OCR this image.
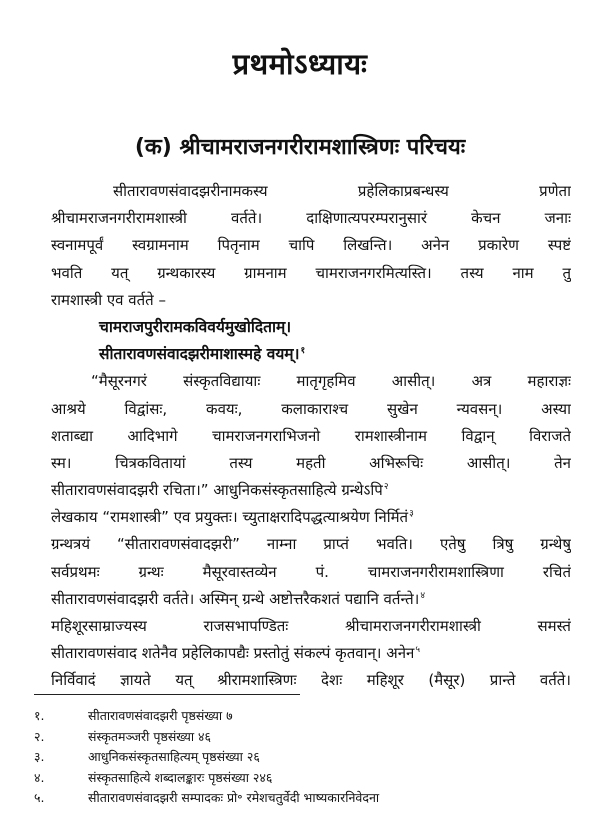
प्रथमोऽध्यायः
(क) श्रीचामराजनगरीरामशास्त्रिणः परिचयः
सीतारावणसंवादझरीनामकस्य प्रहेलिकाप्रबन्धस्य प्रणेता
श्रीचामराजनगरीरामशास्त्री वर्तते। दाक्षिणात्यपरम्परानुसारं केचन जनाः
स्वनामपूर्वं स्वग्रामनाम पितृनाम चापि लिखन्ति। अनेन प्रकारेण स्पष्टं
भवति यत् ग्रन्थकारस्य ग्रामनाम चामराजनगरमित्यस्ति। तस्य नाम तु
रामशास्त्री एव वर्तते –
चामराजपुरीरामकविवर्यमुखोदिताम्।
सीतारावणसंवादझरीमाशास्महे वयम्।$^१$
“मैसूरनगरं संस्कृतविद्यायाः मातृगृहमिव आसीत्। अत्र महाराज्ञः
आश्रये विद्वांसः, कवयः, कलाकाराश्च सुखेन न्यवसन्। अस्या
शताब्द्या आदिभागे चामराजनगराभिजनो रामशास्त्रीनाम विद्वान् विराजते
स्म। चित्रकवितायां तस्य महती अभिरूचिः आसीत्। तेन
सीतारावणसंवादझरी रचिता।” आधुनिकसंस्कृतसाहित्ये ग्रन्थेऽपि$^२$
लेखकाय “रामशास्त्री” एव प्रयुक्तः। च्युताक्षरादिपद्धत्याश्रयेण निर्मितं$^३$
ग्रन्थत्रयं “सीतारावणसंवादझरी” नाम्ना प्राप्तं भवति। एतेषु त्रिषु ग्रन्थेषु
सर्वप्रथमः ग्रन्थः मैसूरवास्तव्येन पं. चामराजनगरीरामशास्त्रिणा रचितं
सीतारावणसंवादझरी वर्तते। अस्मिन् ग्रन्थे अष्टोत्तरैकशतं पद्यानि वर्तन्ते।$^४$
महिशूरसाम्राज्यस्य राजसभापण्डितः श्रीचामराजनगरीरामशास्त्री समस्तं
सीतारावणसंवाद शतेनैव प्रहेलिकापद्यैः प्रस्तोतुं संकल्पं कृतवान्। अनेन$^५$
निर्विवादं ज्ञायते यत् श्रीरामशास्त्रिणः देशः महिशूर (मैसूर) प्रान्ते वर्तते।
१.	सीतारावणसंवादझरी पृष्ठसंख्या ७
२.	संस्कृतमञ्जरी पृष्ठसंख्या ४६
३.	आधुनिकसंस्कृतसाहित्यम् पृष्ठसंख्या २६
४.	संस्कृतसाहित्ये शब्दालङ्कारः पृष्ठसंख्या २४६
५.	सीतारावणसंवादझरी सम्पादकः प्रो॰ रमेशचतुर्वेदी भाष्यकारनिवेदना
